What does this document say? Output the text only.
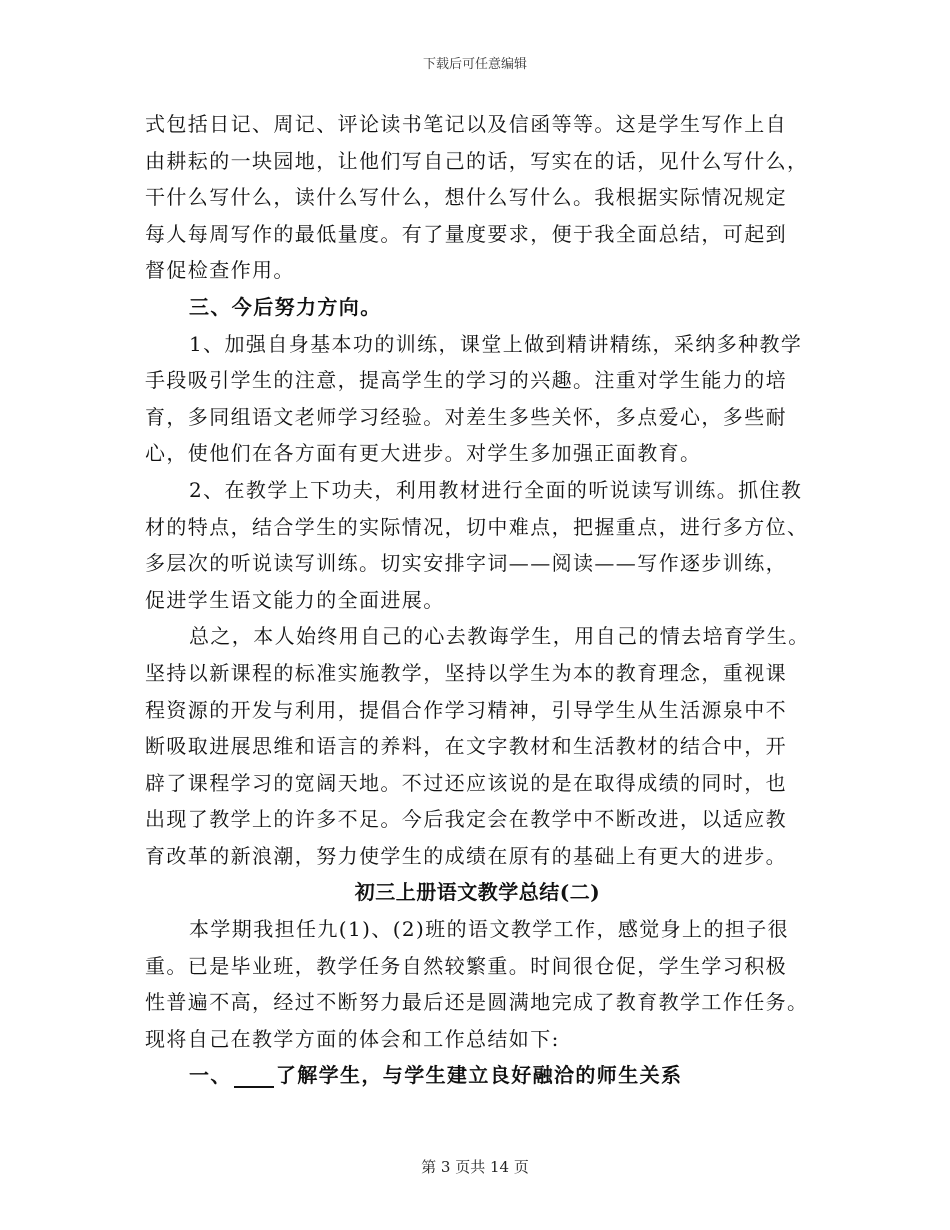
下载后可任意编辑
式包括日记、周记、评论读书笔记以及信函等等。这是学生写作上自
由耕耘的一块园地，让他们写自己的话，写实在的话，见什么写什么，
干什么写什么，读什么写什么，想什么写什么。我根据实际情况规定
每人每周写作的最低量度。有了量度要求，便于我全面总结，可起到
督促检查作用。
三、今后努力方向。
1、加强自身基本功的训练，课堂上做到精讲精练，采纳多种教学
手段吸引学生的注意，提高学生的学习的兴趣。注重对学生能力的培
育，多同组语文老师学习经验。对差生多些关怀，多点爱心，多些耐
心，使他们在各方面有更大进步。对学生多加强正面教育。
2、在教学上下功夫，利用教材进行全面的听说读写训练。抓住教
材的特点，结合学生的实际情况，切中难点，把握重点，进行多方位、
多层次的听说读写训练。切实安排字词——阅读——写作逐步训练，
促进学生语文能力的全面进展。
总之，本人始终用自己的心去教诲学生，用自己的情去培育学生。
坚持以新课程的标准实施教学，坚持以学生为本的教育理念，重视课
程资源的开发与利用，提倡合作学习精神，引导学生从生活源泉中不
断吸取进展思维和语言的养料，在文字教材和生活教材的结合中，开
辟了课程学习的宽阔天地。不过还应该说的是在取得成绩的同时，也
出现了教学上的许多不足。今后我定会在教学中不断改进，以适应教
育改革的新浪潮，努力使学生的成绩在原有的基础上有更大的进步。
初三上册语文教学总结(二)
本学期我担任九(1)、(2)班的语文教学工作，感觉身上的担子很
重。已是毕业班，教学任务自然较繁重。时间很仓促，学生学习积极
性普遍不高，经过不断努力最后还是圆满地完成了教育教学工作任务。
现将自己在教学方面的体会和工作总结如下:
一、 了解学生，与学生建立良好融洽的师生关系
第 3 页共 14 页
